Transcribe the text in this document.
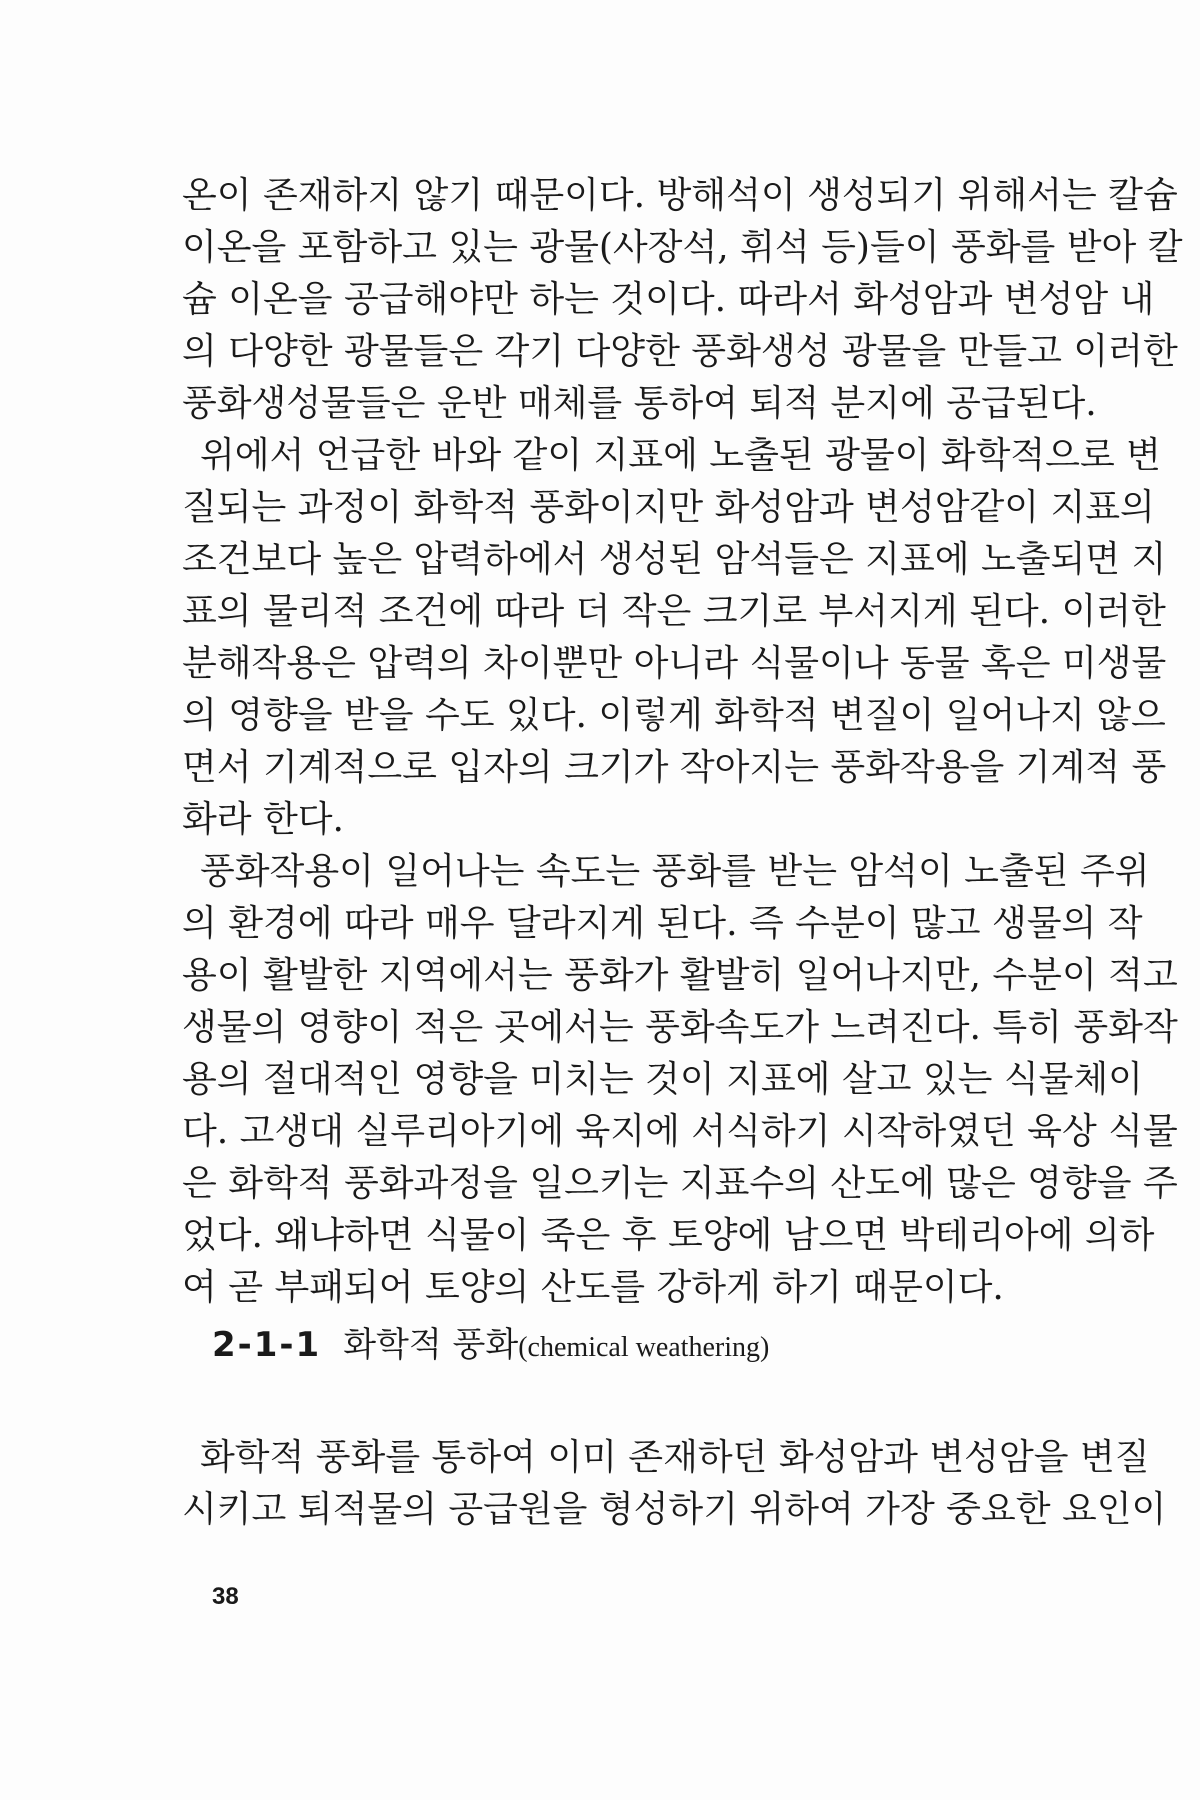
온이 존재하지 않기 때문이다. 방해석이 생성되기 위해서는 칼슘
이온을 포함하고 있는 광물(사장석, 휘석 등)들이 풍화를 받아 칼
슘 이온을 공급해야만 하는 것이다. 따라서 화성암과 변성암 내
의 다양한 광물들은 각기 다양한 풍화생성 광물을 만들고 이러한
풍화생성물들은 운반 매체를 통하여 퇴적 분지에 공급된다.
위에서 언급한 바와 같이 지표에 노출된 광물이 화학적으로 변
질되는 과정이 화학적 풍화이지만 화성암과 변성암같이 지표의
조건보다 높은 압력하에서 생성된 암석들은 지표에 노출되면 지
표의 물리적 조건에 따라 더 작은 크기로 부서지게 된다. 이러한
분해작용은 압력의 차이뿐만 아니라 식물이나 동물 혹은 미생물
의 영향을 받을 수도 있다. 이렇게 화학적 변질이 일어나지 않으
면서 기계적으로 입자의 크기가 작아지는 풍화작용을 기계적 풍
화라 한다.
풍화작용이 일어나는 속도는 풍화를 받는 암석이 노출된 주위
의 환경에 따라 매우 달라지게 된다. 즉 수분이 많고 생물의 작
용이 활발한 지역에서는 풍화가 활발히 일어나지만, 수분이 적고
생물의 영향이 적은 곳에서는 풍화속도가 느려진다. 특히 풍화작
용의 절대적인 영향을 미치는 것이 지표에 살고 있는 식물체이
다. 고생대 실루리아기에 육지에 서식하기 시작하였던 육상 식물
은 화학적 풍화과정을 일으키는 지표수의 산도에 많은 영향을 주
었다. 왜냐하면 식물이 죽은 후 토양에 남으면 박테리아에 의하
여 곧 부패되어 토양의 산도를 강하게 하기 때문이다.
2-1-1 화학적 풍화(chemical weathering)
화학적 풍화를 통하여 이미 존재하던 화성암과 변성암을 변질
시키고 퇴적물의 공급원을 형성하기 위하여 가장 중요한 요인이
38
